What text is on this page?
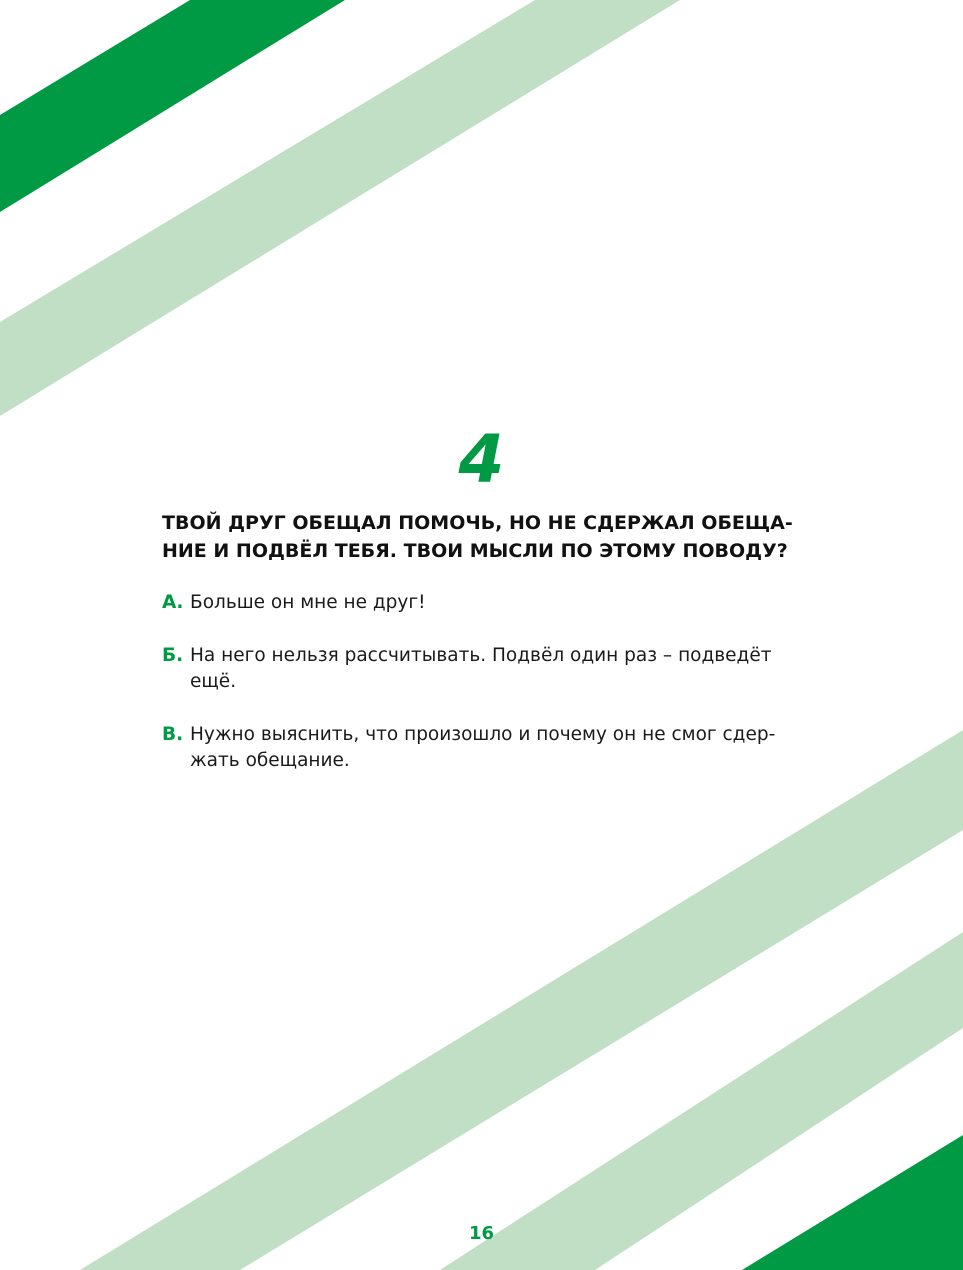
4

ТВОЙ ДРУГ ОБЕЩАЛ ПОМОЧЬ, НО НЕ СДЕРЖАЛ ОБЕЩАНИЕ И ПОДВЁЛ ТЕБЯ. ТВОИ МЫСЛИ ПО ЭТОМУ ПОВОДУ?

А. Больше он мне не друг!
Б. На него нельзя рассчитывать. Подвёл один раз – подведёт ещё.
В. Нужно выяснить, что произошло и почему он не смог сдержать обещание.
16
